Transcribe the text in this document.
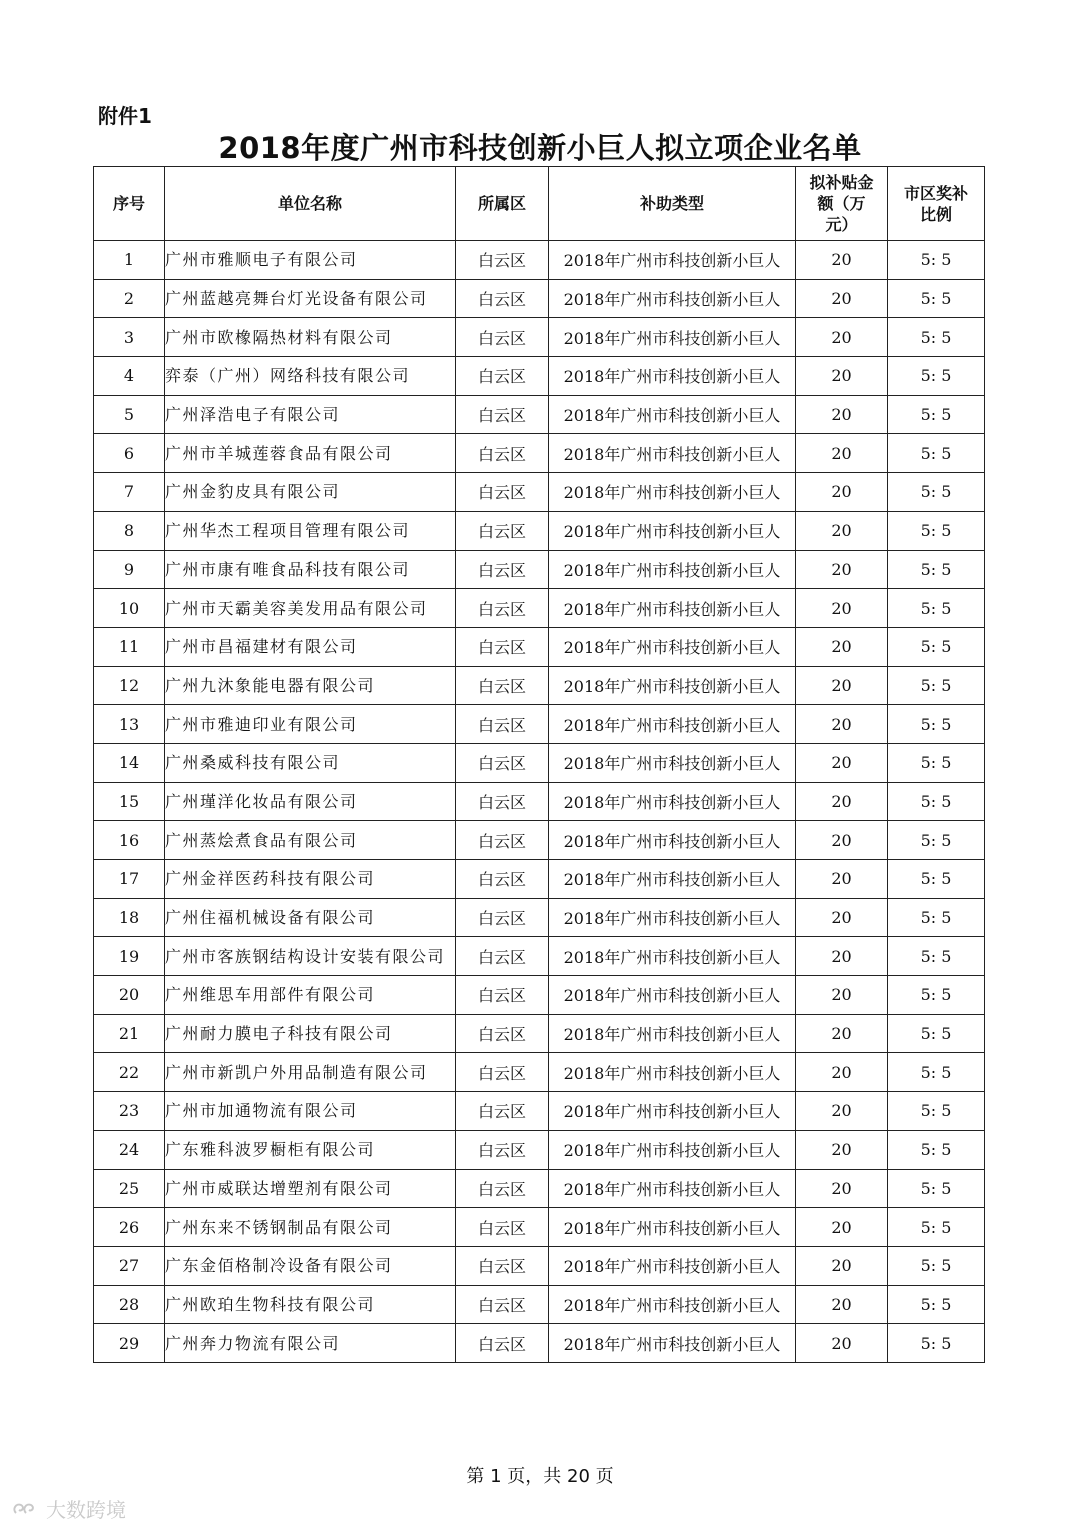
附件1
2018年度广州市科技创新小巨人拟立项企业名单
序号	单位名称	所属区	补助类型	拟补贴金额（万元）	市区奖补比例
1	广州市雅顺电子有限公司	白云区	2018年广州市科技创新小巨人	20	5: 5
2	广州蓝越亮舞台灯光设备有限公司	白云区	2018年广州市科技创新小巨人	20	5: 5
3	广州市欧橡隔热材料有限公司	白云区	2018年广州市科技创新小巨人	20	5: 5
4	弈泰（广州）网络科技有限公司	白云区	2018年广州市科技创新小巨人	20	5: 5
5	广州泽浩电子有限公司	白云区	2018年广州市科技创新小巨人	20	5: 5
6	广州市羊城莲蓉食品有限公司	白云区	2018年广州市科技创新小巨人	20	5: 5
7	广州金豹皮具有限公司	白云区	2018年广州市科技创新小巨人	20	5: 5
8	广州华杰工程项目管理有限公司	白云区	2018年广州市科技创新小巨人	20	5: 5
9	广州市康有唯食品科技有限公司	白云区	2018年广州市科技创新小巨人	20	5: 5
10	广州市天霸美容美发用品有限公司	白云区	2018年广州市科技创新小巨人	20	5: 5
11	广州市昌福建材有限公司	白云区	2018年广州市科技创新小巨人	20	5: 5
12	广州九沐象能电器有限公司	白云区	2018年广州市科技创新小巨人	20	5: 5
13	广州市雅迪印业有限公司	白云区	2018年广州市科技创新小巨人	20	5: 5
14	广州桑威科技有限公司	白云区	2018年广州市科技创新小巨人	20	5: 5
15	广州瑾洋化妆品有限公司	白云区	2018年广州市科技创新小巨人	20	5: 5
16	广州蒸烩煮食品有限公司	白云区	2018年广州市科技创新小巨人	20	5: 5
17	广州金祥医药科技有限公司	白云区	2018年广州市科技创新小巨人	20	5: 5
18	广州住福机械设备有限公司	白云区	2018年广州市科技创新小巨人	20	5: 5
19	广州市客族钢结构设计安装有限公司	白云区	2018年广州市科技创新小巨人	20	5: 5
20	广州维思车用部件有限公司	白云区	2018年广州市科技创新小巨人	20	5: 5
21	广州耐力膜电子科技有限公司	白云区	2018年广州市科技创新小巨人	20	5: 5
22	广州市新凯户外用品制造有限公司	白云区	2018年广州市科技创新小巨人	20	5: 5
23	广州市加通物流有限公司	白云区	2018年广州市科技创新小巨人	20	5: 5
24	广东雅科波罗橱柜有限公司	白云区	2018年广州市科技创新小巨人	20	5: 5
25	广州市威联达增塑剂有限公司	白云区	2018年广州市科技创新小巨人	20	5: 5
26	广州东来不锈钢制品有限公司	白云区	2018年广州市科技创新小巨人	20	5: 5
27	广东金佰格制冷设备有限公司	白云区	2018年广州市科技创新小巨人	20	5: 5
28	广州欧珀生物科技有限公司	白云区	2018年广州市科技创新小巨人	20	5: 5
29	广州奔力物流有限公司	白云区	2018年广州市科技创新小巨人	20	5: 5
第 1 页，共 20 页
大数跨境
